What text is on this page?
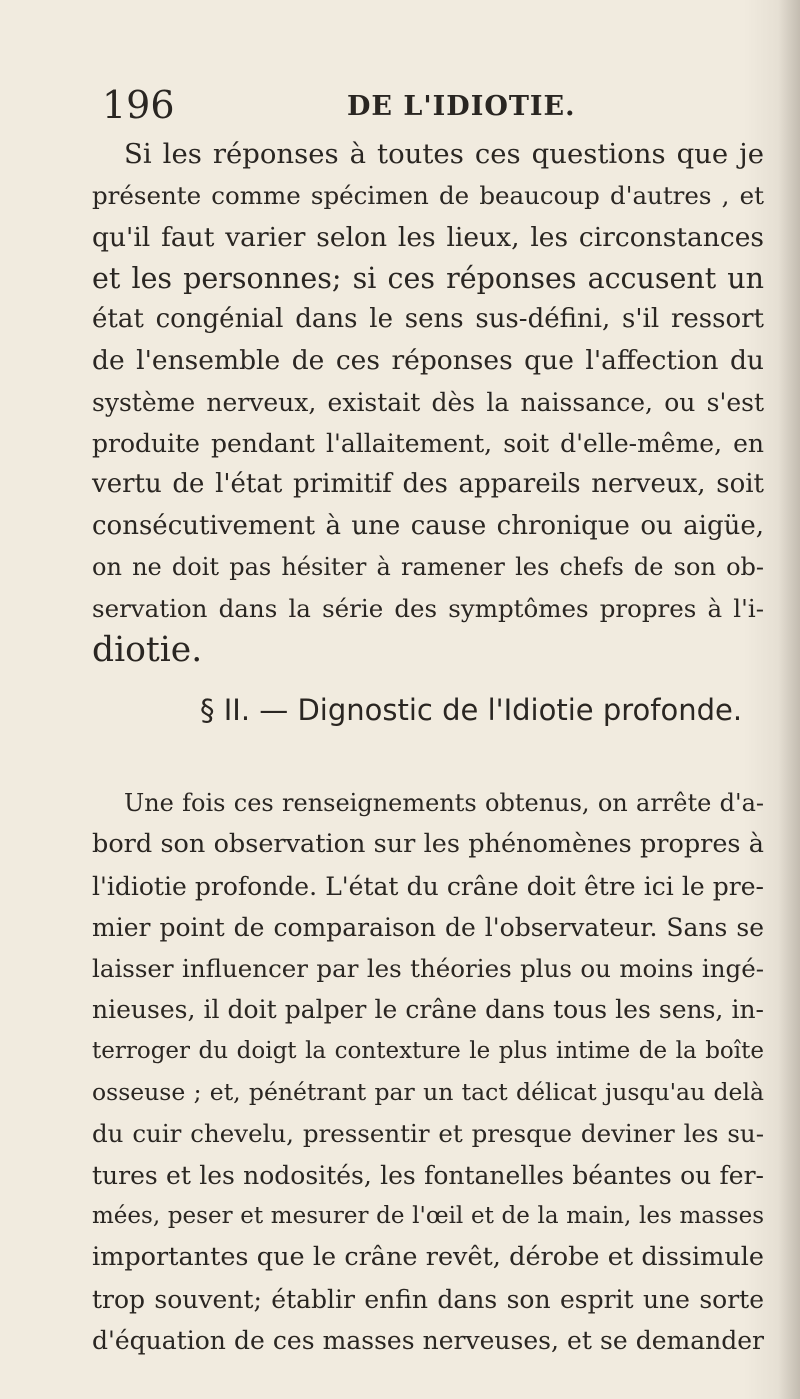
196	DE L'IDIOTIE.
Si les réponses à toutes ces questions que je
présente comme spécimen de beaucoup d'autres , et
qu'il faut varier selon les lieux, les circonstances
et les personnes; si ces réponses accusent un
état congénial dans le sens sus-défini, s'il ressort
de l'ensemble de ces réponses que l'affection du
système nerveux, existait dès la naissance, ou s'est
produite pendant l'allaitement, soit d'elle-même, en
vertu de l'état primitif des appareils nerveux, soit
consécutivement à une cause chronique ou aigüe,
on ne doit pas hésiter à ramener les chefs de son ob-
servation dans la série des symptômes propres à l'i-
diotie.
§ II. — Dignostic de l'Idiotie profonde.
Une fois ces renseignements obtenus, on arrête d'a-
bord son observation sur les phénomènes propres à
l'idiotie profonde. L'état du crâne doit être ici le pre-
mier point de comparaison de l'observateur. Sans se
laisser influencer par les théories plus ou moins ingé-
nieuses, il doit palper le crâne dans tous les sens, in-
terroger du doigt la contexture le plus intime de la boîte
osseuse ; et, pénétrant par un tact délicat jusqu'au delà
du cuir chevelu, pressentir et presque deviner les su-
tures et les nodosités, les fontanelles béantes ou fer-
mées, peser et mesurer de l'œil et de la main, les masses
importantes que le crâne revêt, dérobe et dissimule
trop souvent; établir enfin dans son esprit une sorte
d'équation de ces masses nerveuses, et se demander
